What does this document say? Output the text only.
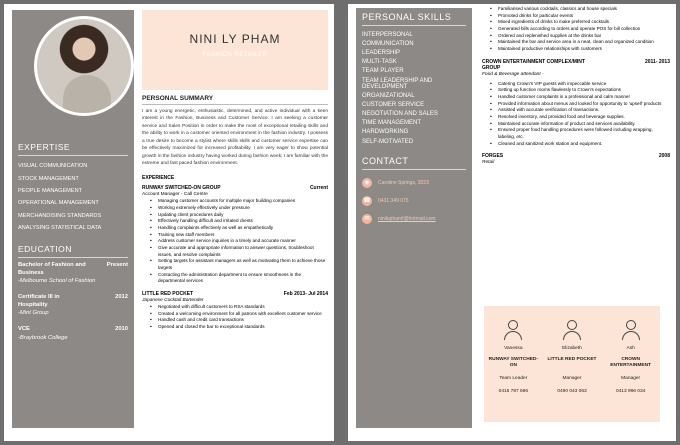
EXPERTISE
VISUAL COMMUNICATION
STOCK MANAGEMENT
PEOPLE MANAGEMENT
OPERATIONAL MANAGEMENT
MERCHANDISING STANDARDS
ANALYSING STATISTICAL DATA
EDUCATION
Bachelor of Fashion and Business
Present
-Melbourne School of Fashion
Certificate III in Hospitality
2012
-Mint Group
VCE	2010
-Braybrook College
NINI LY PHAM
FASHION RETAILER
PERSONAL SUMMARY
I am a young energetic, enthusiastic, determined, and active individual with a keen interest in the Fashion, Business and Customer Service. I am seeking a customer service and Sales Position in order to make the most of exceptional retailing skills and the ability to work in a customer oriented environment in the fashion industry. I possess a true desire to become a stylist where skills skills and customer service expertise can be effectively maximized for increased profitability. I am very eager to show potential growth in the fashion industry having worked during fashion week; I am familiar with the extreme and fast paced fashion environment.
EXPERIENCE
RUNWAY SWITCHED-ON GROUP	Current
Account Manager - Call Centre
▪ Managing customer accounts for multiple major building companies
▪ Working extremely effectively under pressure
▪ Updating client procedures daily
▪ Effectively handling difficult and irritated clients
▪ Handling complaints effectively as well as empathetically
▪ Training new staff members
▪ Address customer service inquiries in a timely and accurate manner
▪ Give accurate and appropriate information to answer questions, troubleshoot issues, and resolve complaints
▪ Setting targets for assistant managers as well as motivating them to achieve those targets
▪ Contacting the administration department to ensure smoothness in the departmental services
LITTLE RED POCKET	Feb 2013- Jul 2014
Japanese Cocktail Bartender
▪ Negotiated with difficult customers to RSA standards
▪ Created a welcoming environment for all patrons with excellent customer service
▪ Handled cash and credit card transactions
▪ Opened and closed the bar to exceptional standards
PERSONAL SKILLS
INTERPERSONAL
COMMUNICATION
LEADERSHIP
MULTI-TASK
TEAM PLAYER
TEAM LEADERSHIP AND DEVELOPMENT
ORGANIZATIONAL
CUSTOMER SERVICE
NEGOTIATION AND SALES
TIME MANAGEMENT
HARDWORKING
SELF-MOTIVATED
CONTACT
◉	Caroline Springs, 3023
☎ 0431 349 075
✉	niniluphamf@hotmail.com
▪ Familiarised various cocktails, classics and house specials
▪ Promoted drinks for particular events
▪ Mixed ingredients of drinks to make preferred cocktails
▪ Generated bills according to orders and operate POS for bill collection
▪ Ordered and replenished supplies at the drinks bar
▪ Maintained the bar and service area in a neat, clean and organized condition
▪ Maintained productive relationships with customers
CROWN ENTERTAINMENT COMPLEX/MINT GROUP
2011- 2013
Food & Beverage attendant -
▪ Catering Crown's VIP guests with impeccable service
▪ Setting up function rooms flawlessly to Crown's expectations
▪ Handled customer complaints in a professional and calm manner
▪ Provided information about menus and looked for opportunity to 'upsell' products
▪ Assisted with accurate verification of transactions.
▪ Resolved inventory, and provided food and beverage supplies.
▪ Maintained accurate information of product and services availability.
▪ Ensured proper food handling procedures were followed including wrapping, labeling, etc.
▪ Cleaned and sanitized work station and equipment.
FORGES	2008
Retail
Vanessa
RUNWAY SWITCHED-ON
Team Leader
0415 787 596
Elizabeth
LITTLE RED POCKET
Manager
0490 043 063
Ash
CROWN ENTERTAINMENT
Manager
0413 996 034
